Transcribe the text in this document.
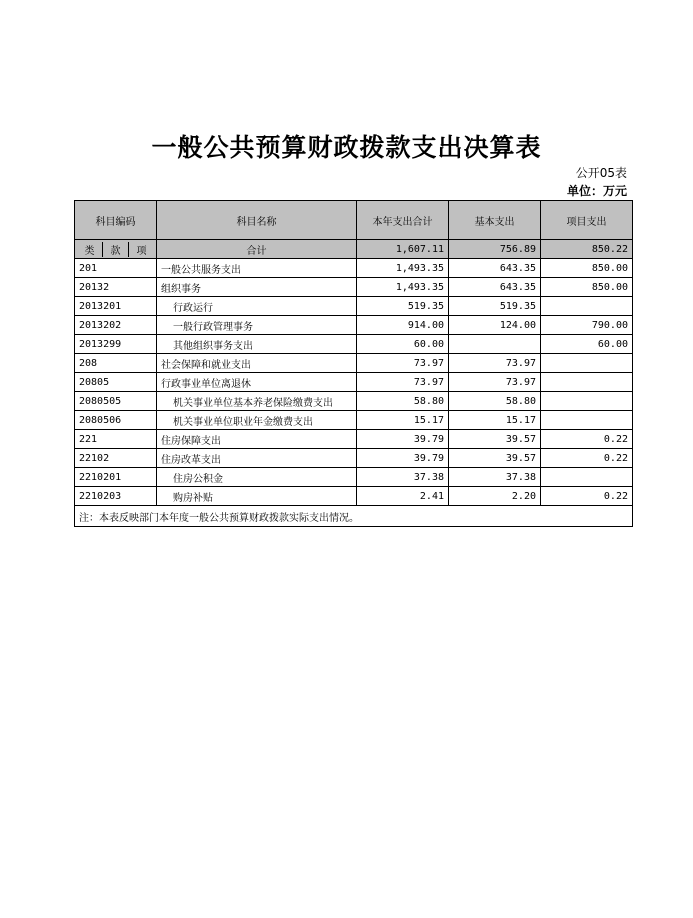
一般公共预算财政拨款支出决算表
公开05表
单位：万元
科目编码	科目名称	本年支出合计	基本支出	项目支出

类 款 项	合计	1,607.11	756.89	850.22
201	一般公共服务支出	1,493.35	643.35	850.00
20132	组织事务	1,493.35	643.35	850.00
2013201	行政运行	519.35	519.35	
2013202	一般行政管理事务	914.00	124.00	790.00
2013299	其他组织事务支出	60.00		60.00
208	社会保障和就业支出	73.97	73.97	
20805	行政事业单位离退休	73.97	73.97	
2080505	机关事业单位基本养老保险缴费支出	58.80	58.80	
2080506	机关事业单位职业年金缴费支出	15.17	15.17	
221	住房保障支出	39.79	39.57	0.22
22102	住房改革支出	39.79	39.57	0.22
2210201	住房公积金	37.38	37.38	
2210203	购房补贴	2.41	2.20	0.22
注：本表反映部门本年度一般公共预算财政拨款实际支出情况。				
